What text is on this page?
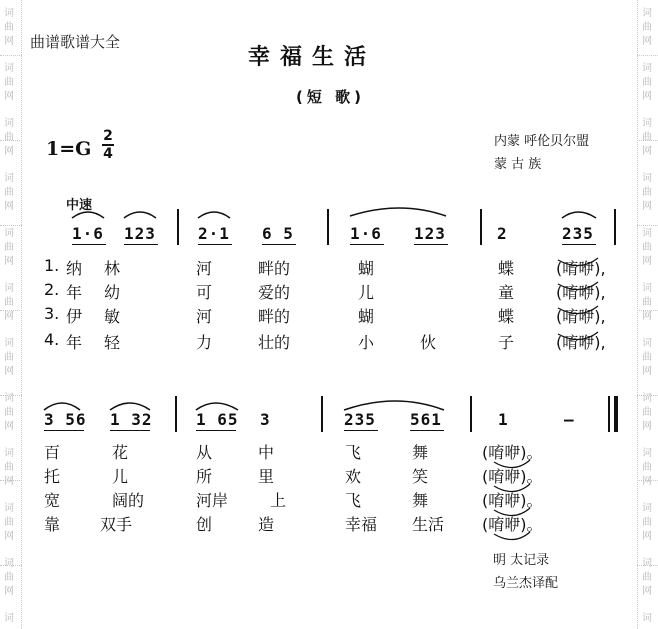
词
曲
网
词
曲
网
词
曲
网
词
曲
网
词
曲
网
词
曲
网
词
曲
网
词
曲
网
词
曲
网
词
曲
网
词
曲
网
词
词
曲
网
词
曲
网
词
曲
网
词
曲
网
词
曲
网
词
曲
网
词
曲
网
词
曲
网
词
曲
网
词
曲
网
词
曲
网
词
曲谱歌谱大全
幸福生活
(短 歌)
1=G
2
4
内蒙 呼伦贝尔盟
蒙 古 族
中速
1·6 123	2·1 6 5	1·6 123	2	235
1. 纳 林	河	畔的	蝴	蝶	(唷咿),
2. 年 幼	可	爱的	儿	童	(唷咿),
3. 伊 敏	河	畔的	蝴	蝶	(唷咿),
4. 年 轻	力	壮的	小	伙	子	(唷咿),
3 56 1 32	1 65 3	235 561	1	–
百	花	从	中	飞	舞	(唷咿)。
托	儿	所	里	欢	笑	(唷咿)。
宽	阔的	河岸	上	飞	舞	(唷咿)。
靠 双手	创	造	幸福 生活 (唷咿)。
明 太记录
乌兰杰译配
